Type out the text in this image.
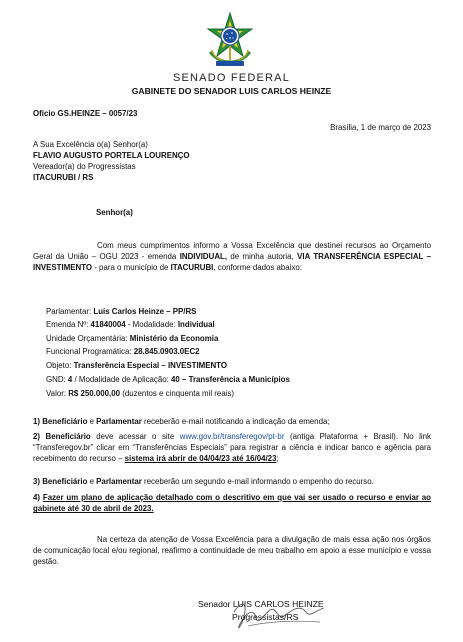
SENADO FEDERAL
GABINETE DO SENADOR LUIS CARLOS HEINZE
Ofício GS.HEINZE – 0057/23
Brasília, 1 de março de 2023
A Sua Excelência o(a) Senhor(a)
FLAVIO AUGUSTO PORTELA LOURENÇO
Vereador(a) do Progressistas
ITACURUBI / RS
Senhor(a)
Com meus cumprimentos informo a Vossa Excelência que destinei recursos ao Orçamento Geral da União – OGU 2023 - emenda INDIVIDUAL, de minha autoria, VIA TRANSFERÊNCIA ESPECIAL – INVESTIMENTO - para o município de ITACURUBI, conforme dados abaixo:
Parlamentar: Luis Carlos Heinze – PP/RS
Emenda Nº: 41840004 - Modalidade: Individual
Unidade Orçamentária: Ministério da Economia
Funcional Programática: 28.845.0903.0EC2
Objeto: Transferência Especial – INVESTIMENTO
GND: 4 / Modalidade de Aplicação: 40 – Transferência a Municípios
Valor: R$ 250.000,00 (duzentos e cinquenta mil reais)
1) Beneficiário e Parlamentar receberão e-mail notificando a indicação da emenda;
2) Beneficiário deve acessar o site www.gov.br/transferegov/pt-br (antiga Plataforma + Brasil). No link “Transferegov.br” clicar em “Transferências Especiais” para registrar a ciência e indicar banco e agência para recebimento do recurso – sistema irá abrir de 04/04/23 até 16/04/23;
3) Beneficiário e Parlamentar receberão um segundo e-mail informando o empenho do recurso.
4) Fazer um plano de aplicação detalhado com o descritivo em que vai ser usado o recurso e enviar ao gabinete até 30 de abril de 2023.
Na certeza da atenção de Vossa Excelência para a divulgação de mais essa ação nos órgãos de comunicação local e/ou regional, reafirmo a continuidade de meu trabalho em apoio a esse município e vossa gestão.
Senador LUIS CARLOS HEINZE
Progressistas/RS
